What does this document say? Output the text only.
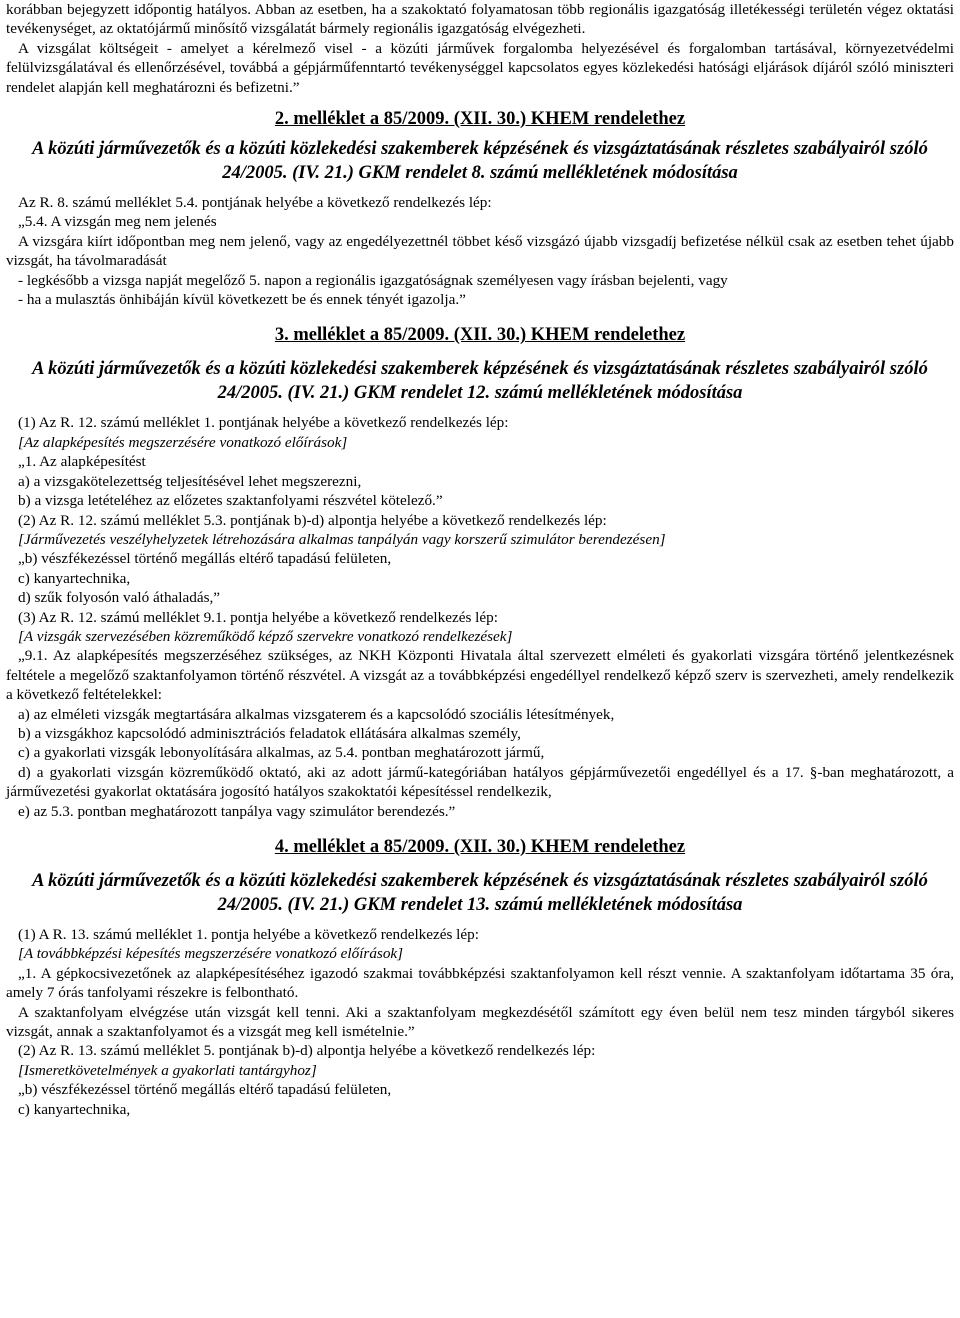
korábban bejegyzett időpontig hatályos. Abban az esetben, ha a szakoktató folyamatosan több regionális igazgatóság illetékességi területén végez oktatási tevékenységet, az oktatójármű minősítő vizsgálatát bármely regionális igazgatóság elvégezheti.

A vizsgálat költségeit - amelyet a kérelmező visel - a közúti járművek forgalomba helyezésével és forgalomban tartásával, környezetvédelmi felülvizsgálatával és ellenőrzésével, továbbá a gépjárműfenntartó tevékenységgel kapcsolatos egyes közlekedési hatósági eljárások díjáról szóló miniszteri rendelet alapján kell meghatározni és befizetni.”

2. melléklet a 85/2009. (XII. 30.) KHEM rendelethez

A közúti járművezetők és a közúti közlekedési szakemberek képzésének és vizsgáztatásának részletes szabályairól szóló 24/2005. (IV. 21.) GKM rendelet 8. számú mellékletének módosítása

Az R. 8. számú melléklet 5.4. pontjának helyébe a következő rendelkezés lép:

„5.4. A vizsgán meg nem jelenés

A vizsgára kiírt időpontban meg nem jelenő, vagy az engedélyezettnél többet késő vizsgázó újabb vizsgadíj befizetése nélkül csak az esetben tehet újabb vizsgát, ha távolmaradását

- legkésőbb a vizsga napját megelőző 5. napon a regionális igazgatóságnak személyesen vagy írásban bejelenti, vagy

- ha a mulasztás önhibáján kívül következett be és ennek tényét igazolja.”

3. melléklet a 85/2009. (XII. 30.) KHEM rendelethez

A közúti járművezetők és a közúti közlekedési szakemberek képzésének és vizsgáztatásának részletes szabályairól szóló 24/2005. (IV. 21.) GKM rendelet 12. számú mellékletének módosítása

(1) Az R. 12. számú melléklet 1. pontjának helyébe a következő rendelkezés lép:

[Az alapképesítés megszerzésére vonatkozó előírások]

„1. Az alapképesítést

a) a vizsgakötelezettség teljesítésével lehet megszerezni,

b) a vizsga letételéhez az előzetes szaktanfolyami részvétel kötelező.”

(2) Az R. 12. számú melléklet 5.3. pontjának b)-d) alpontja helyébe a következő rendelkezés lép:

[Járművezetés veszélyhelyzetek létrehozására alkalmas tanpályán vagy korszerű szimulátor berendezésen]

„b) vészfékezéssel történő megállás eltérő tapadású felületen,

c) kanyartechnika,

d) szűk folyosón való áthaladás,”

(3) Az R. 12. számú melléklet 9.1. pontja helyébe a következő rendelkezés lép:

[A vizsgák szervezésében közreműködő képző szervekre vonatkozó rendelkezések]

„9.1. Az alapképesítés megszerzéséhez szükséges, az NKH Központi Hivatala által szervezett elméleti és gyakorlati vizsgára történő jelentkezésnek feltétele a megelőző szaktanfolyamon történő részvétel. A vizsgát az a továbbképzési engedéllyel rendelkező képző szerv is szervezheti, amely rendelkezik a következő feltételekkel:

a) az elméleti vizsgák megtartására alkalmas vizsgaterem és a kapcsolódó szociális létesítmények,

b) a vizsgákhoz kapcsolódó adminisztrációs feladatok ellátására alkalmas személy,

c) a gyakorlati vizsgák lebonyolítására alkalmas, az 5.4. pontban meghatározott jármű,

d) a gyakorlati vizsgán közreműködő oktató, aki az adott jármű-kategóriában hatályos gépjárművezetői engedéllyel és a 17. §-ban meghatározott, a járművezetési gyakorlat oktatására jogosító hatályos szakoktatói képesítéssel rendelkezik,

e) az 5.3. pontban meghatározott tanpálya vagy szimulátor berendezés.”

4. melléklet a 85/2009. (XII. 30.) KHEM rendelethez

A közúti járművezetők és a közúti közlekedési szakemberek képzésének és vizsgáztatásának részletes szabályairól szóló 24/2005. (IV. 21.) GKM rendelet 13. számú mellékletének módosítása

(1) A R. 13. számú melléklet 1. pontja helyébe a következő rendelkezés lép:

[A továbbképzési képesítés megszerzésére vonatkozó előírások]

„1. A gépkocsivezetőnek az alapképesítéséhez igazodó szakmai továbbképzési szaktanfolyamon kell részt vennie. A szaktanfolyam időtartama 35 óra, amely 7 órás tanfolyami részekre is felbontható.

A szaktanfolyam elvégzése után vizsgát kell tenni. Aki a szaktanfolyam megkezdésétől számított egy éven belül nem tesz minden tárgyból sikeres vizsgát, annak a szaktanfolyamot és a vizsgát meg kell ismételnie.”

(2) Az R. 13. számú melléklet 5. pontjának b)-d) alpontja helyébe a következő rendelkezés lép:

[Ismeretkövetelmények a gyakorlati tantárgyhoz]

„b) vészfékezéssel történő megállás eltérő tapadású felületen,

c) kanyartechnika,
